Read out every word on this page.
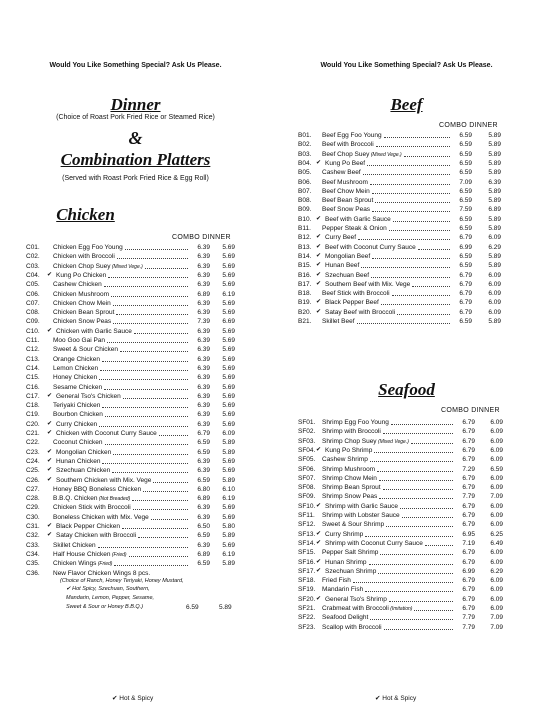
Would You Like Something Special? Ask Us Please.
Dinner
(Choice of Roast Pork Fried Rice or Steamed Rice)
&
Combination Platters
(Served with Roast Pork Fried Rice & Egg Roll)
Chicken
COMBO DINNER
C01.	Chicken Egg Foo Young	6.39	5.69
C02.	Chicken with Broccoli	6.39	5.69
C03.	Chicken Chop Suey (Mixed Vege.)	6.39	5.69
C04.	✔ Kung Po Chicken	6.39	5.69
C05.	Cashew Chicken	6.39	5.69
C06.	Chicken Mushroom	6.89	6.19
C07.	Chicken Chow Mein	6.39	5.69
C08.	Chicken Bean Sprout	6.39	5.69
C09.	Chicken Snow Peas	7.39	6.69
C10.	✔ Chicken with Garlic Sauce	6.39	5.69
C11.	Moo Goo Gai Pan	6.39	5.69
C12.	Sweet & Sour Chicken	6.39	5.69
C13.	Orange Chicken	6.39	5.69
C14.	Lemon Chicken	6.39	5.69
C15.	Honey Chicken	6.39	5.69
C16.	Sesame Chicken	6.39	5.69
C17.	✔ General Tso's Chicken	6.39	5.69
C18.	Teriyaki Chicken	6.39	5.69
C19.	Bourbon Chicken	6.39	5.69
C20.	✔ Curry Chicken	6.39	5.69
C21.	✔ Chicken with Coconut Curry Sauce	6.79	6.09
C22.	Coconut Chicken	6.59	5.89
C23.	✔ Mongolian Chicken	6.59	5.89
C24.	✔ Hunan Chicken	6.39	5.69
C25.	✔ Szechuan Chicken	6.39	5.69
C26.	✔ Southern Chicken with Mix. Vege	6.59	5.89
C27.	Honey BBQ Boneless Chicken	6.80	6.10
C28.	B.B.Q. Chicken (Not Breaded)	6.89	6.19
C29.	Chicken Stick with Broccoli	6.39	5.69
C30.	Boneless Chicken with Mix. Vege	6.39	5.69
C31.	✔ Black Pepper Chicken	6.50	5.80
C32.	✔ Satay Chicken with Broccoli	6.59	5.89
C33.	Skillet Chicken	6.39	5.69
C34.	Half House Chicken (Fried)	6.89	6.19
C35.	Chicken Wings (Fried)	6.59	5.89
C36.	New Flavor Chicken Wings 8 pcs.
(Choice of Ranch, Honey Teriyaki, Honey Mustard,
✔ Hot Spicy, Szechuan, Southern,
Mandarin, Lemon, Pepper, Sesame,
Sweet & Sour or Honey B.B.Q.)	6.59	5.89
✔ Hot & Spicy
Would You Like Something Special? Ask Us Please.
Beef
COMBO DINNER
B01.	Beef Egg Foo Young	6.59	5.89
B02.	Beef with Broccoli	6.59	5.89
B03.	Beef Chop Suey (Mixed Vege.)	6.59	5.89
B04. ✔ Kung Po Beef	6.59	5.89
B05.	Cashew Beef	6.59	5.89
B06.	Beef Mushroom	7.09	6.39
B07.	Beef Chow Mein	6.59	5.89
B08.	Beef Bean Sprout	6.59	5.89
B09.	Beef Snow Peas	7.59	6.89
B10. ✔ Beef with Garlic Sauce	6.59	5.89
B11.	Pepper Steak & Onion	6.59	5.89
B12. ✔ Curry Beef	6.79	6.09
B13. ✔ Beef with Coconut Curry Sauce	6.99	6.29
B14. ✔ Mongolian Beef	6.59	5.89
B15. ✔ Hunan Beef	6.59	5.89
B16. ✔ Szechuan Beef	6.79	6.09
B17. ✔ Southern Beef with Mix. Vege	6.79	6.09
B18.	Beef Stick with Broccoli	6.79	6.09
B19. ✔ Black Pepper Beef	6.79	6.09
B20. ✔ Satay Beef with Broccoli	6.79	6.09
B21.	Skillet Beef	6.59	5.89
Seafood
COMBO DINNER
SF01.	Shrimp Egg Foo Young	6.79	6.09
SF02.	Shrimp with Broccoli	6.79	6.09
SF03.	Shrimp Chop Suey (Mixed Vege.)	6.79	6.09
SF04. ✔ Kung Po Shrimp	6.79	6.09
SF05.	Cashew Shrimp	6.79	6.09
SF06.	Shrimp Mushroom	7.29	6.59
SF07.	Shrimp Chow Mein	6.79	6.09
SF08.	Shrimp Bean Sprout	6.79	6.09
SF09.	Shrimp Snow Peas	7.79	7.09
SF10. ✔ Shrimp with Garlic Sauce	6.79	6.09
SF11.	Shrimp with Lobster Sauce	6.79	6.09
SF12.	Sweet & Sour Shrimp	6.79	6.09
SF13. ✔ Curry Shrimp	6.95	6.25
SF14. ✔ Shrimp with Coconut Curry Sauce	7.19	6.49
SF15.	Pepper Salt Shrimp	6.79	6.09
SF16. ✔ Hunan Shrimp	6.79	6.09
SF17. ✔ Szechuan Shrimp	6.99	6.29
SF18.	Fried Fish	6.79	6.09
SF19.	Mandarin Fish	6.79	6.09
SF20. ✔ General Tso's Shrimp	6.79	6.09
SF21.	Crabmeat with Broccoli (Imitation)	6.79	6.09
SF22.	Seafood Delight	7.79	7.09
SF23.	Scallop with Broccoli	7.79	7.09
✔ Hot & Spicy
